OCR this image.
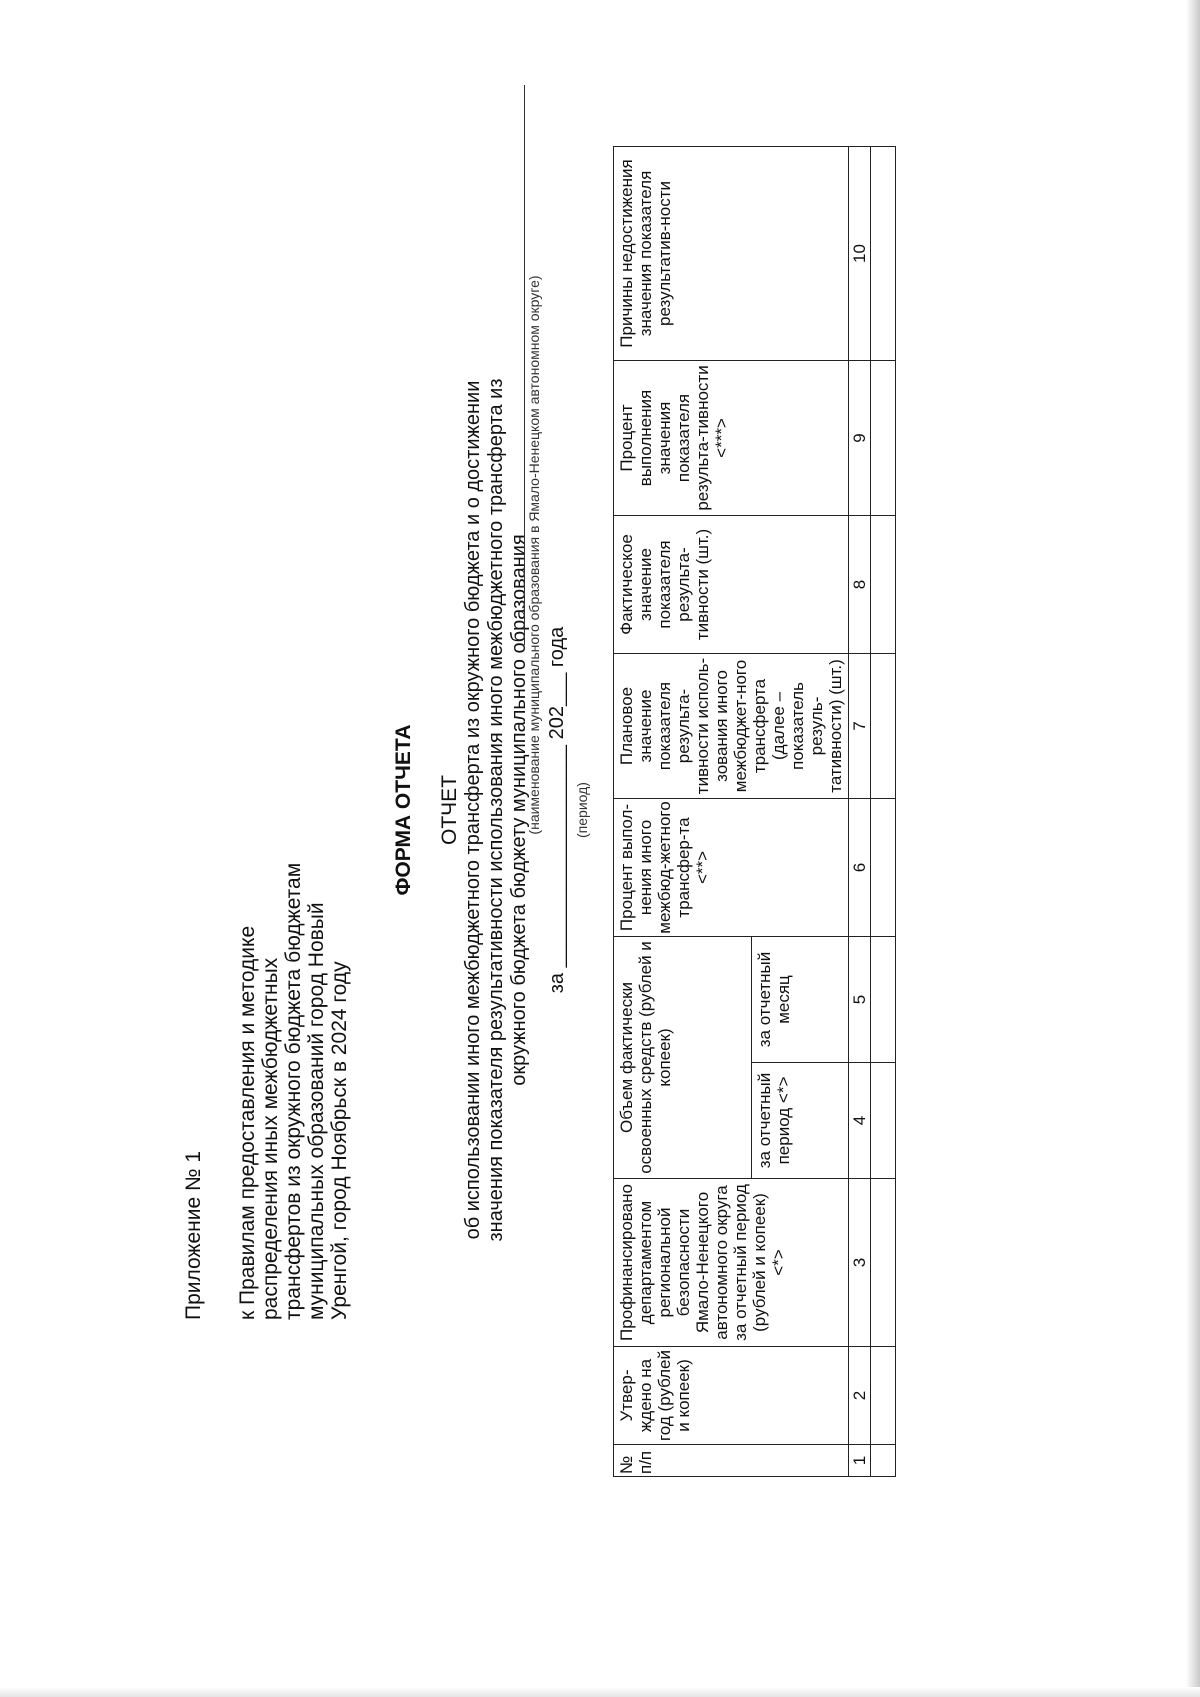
Приложение № 1 к Правилам предоставления и методике распределения иных межбюджетных трансфертов из окружного бюджета бюджетам муниципальных образований город Новый Уренгой, город Ноябрьск в 2024 году
ФОРМА ОТЧЕТА ОТЧЕТ об использовании иного межбюджетного трансферта из окружного бюджета и о достижении значения показателя результативности использования иного межбюджетного трансферта из окружного бюджета бюджету муниципального образования
(наименование муниципального образования в Ямало-Ненецком автономном округе) за ____________________ 202___ года (период)
№ п/п	Утвер-ждено на год (рублей и копеек)	Профинансировано департаментом региональной безопасности Ямало-Ненецкого автономного округа за отчетный период (рублей и копеек) <*>	Объем фактически освоенных средств (рублей и копеек)		Процент выпол-нения иного межбюд-жетного трансфер-та <**>	Плановое значение показателя результа-тивности исполь-зования иного межбюджет-ного трансферта (далее – показатель резуль-тативности) (шт.)	Фактическое значение показателя результа-тивности (шт.)	Процент выполнения значения показателя результа-тивности <***>	Причины недостижения значения показателя результатив-ности
			за отчетный период <*>	за отчетный месяц					
1	2	3	4	5	6	7	8	9	10
